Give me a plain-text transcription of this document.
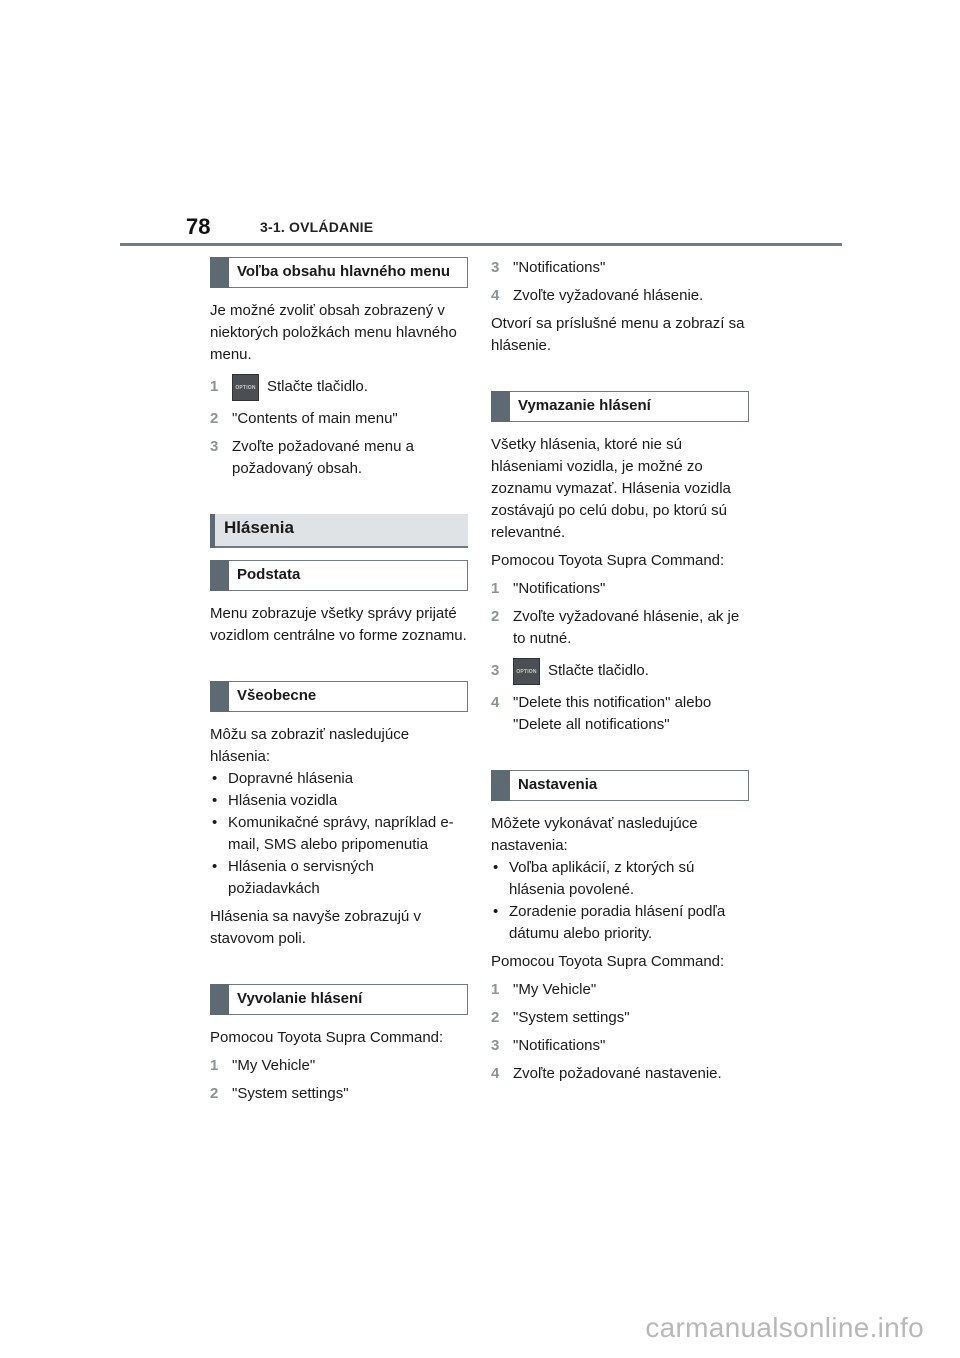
78	3-1. OVLÁDANIE
Voľba obsahu hlavného menu

Je možné zvoliť obsah zobrazený v niektorých položkách menu hlavného menu.

1	OPTION Stlačte tlačidlo.
2 "Contents of main menu"
3 Zvoľte požadované menu a požadovaný obsah.
Hlásenia
Podstata

Menu zobrazuje všetky správy prijaté vozidlom centrálne vo forme zoznamu.

Všeobecne

Môžu sa zobraziť nasledujúce hlásenia:

• Dopravné hlásenia
• Hlásenia vozidla
• Komunikačné správy, napríklad e-mail, SMS alebo pripomenutia
• Hlásenia o servisných požiadavkách

Hlásenia sa navyše zobrazujú v stavovom poli.

Vyvolanie hlásení

Pomocou Toyota Supra Command:

1 "My Vehicle"
2 "System settings"
3 "Notifications"
4 Zvoľte vyžadované hlásenie.

Otvorí sa príslušné menu a zobrazí sa hlásenie.

Vymazanie hlásení

Všetky hlásenia, ktoré nie sú hláseniami vozidla, je možné zo zoznamu vymazať. Hlásenia vozidla zostávajú po celú dobu, po ktorú sú relevantné.

Pomocou Toyota Supra Command:

1 "Notifications"
2 Zvoľte vyžadované hlásenie, ak je to nutné.
3	OPTION Stlačte tlačidlo.
4 "Delete this notification" alebo "Delete all notifications"
Nastavenia

Môžete vykonávať nasledujúce nastavenia:

• Voľba aplikácií, z ktorých sú hlásenia povolené.
• Zoradenie poradia hlásení podľa dátumu alebo priority.

Pomocou Toyota Supra Command:

1 "My Vehicle"
2 "System settings"
3 "Notifications"
4 Zvoľte požadované nastavenie.
carmanualsonline.info
